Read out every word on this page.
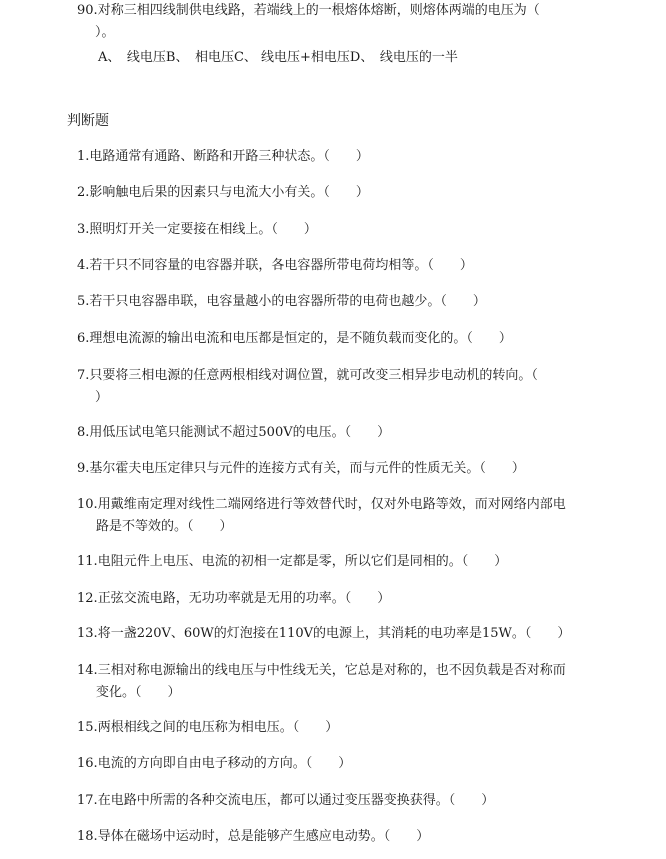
90.对称三相四线制供电线路，若端线上的一根熔体熔断，则熔体两端的电压为（
）。
A、　线电压B、　相电压C、 线电压+相电压D、　线电压的一半
判断题
1.电路通常有通路、断路和开路三种状态。（　　）
2.影响触电后果的因素只与电流大小有关。（　　）
3.照明灯开关一定要接在相线上。（　　）
4.若干只不同容量的电容器并联，各电容器所带电荷均相等。（　　）
5.若干只电容器串联，电容量越小的电容器所带的电荷也越少。（　　）
6.理想电流源的输出电流和电压都是恒定的，是不随负载而变化的。（　　）
7.只要将三相电源的任意两根相线对调位置，就可改变三相异步电动机的转向。（
）
8.用低压试电笔只能测试不超过500V的电压。（　　）
9.基尔霍夫电压定律只与元件的连接方式有关，而与元件的性质无关。（　　）
10.用戴维南定理对线性二端网络进行等效替代时，仅对外电路等效，而对网络内部电
路是不等效的。（　　）
11.电阻元件上电压、电流的初相一定都是零，所以它们是同相的。（　　）
12.正弦交流电路，无功功率就是无用的功率。（　　）
13.将一盏220V、60W的灯泡接在110V的电源上，其消耗的电功率是15W。（　　）
14.三相对称电源输出的线电压与中性线无关，它总是对称的，也不因负载是否对称而
变化。（　　）
15.两根相线之间的电压称为相电压。（　　）
16.电流的方向即自由电子移动的方向。（　　）
17.在电路中所需的各种交流电压，都可以通过变压器变换获得。（　　）
18.导体在磁场中运动时，总是能够产生感应电动势。（　　）
